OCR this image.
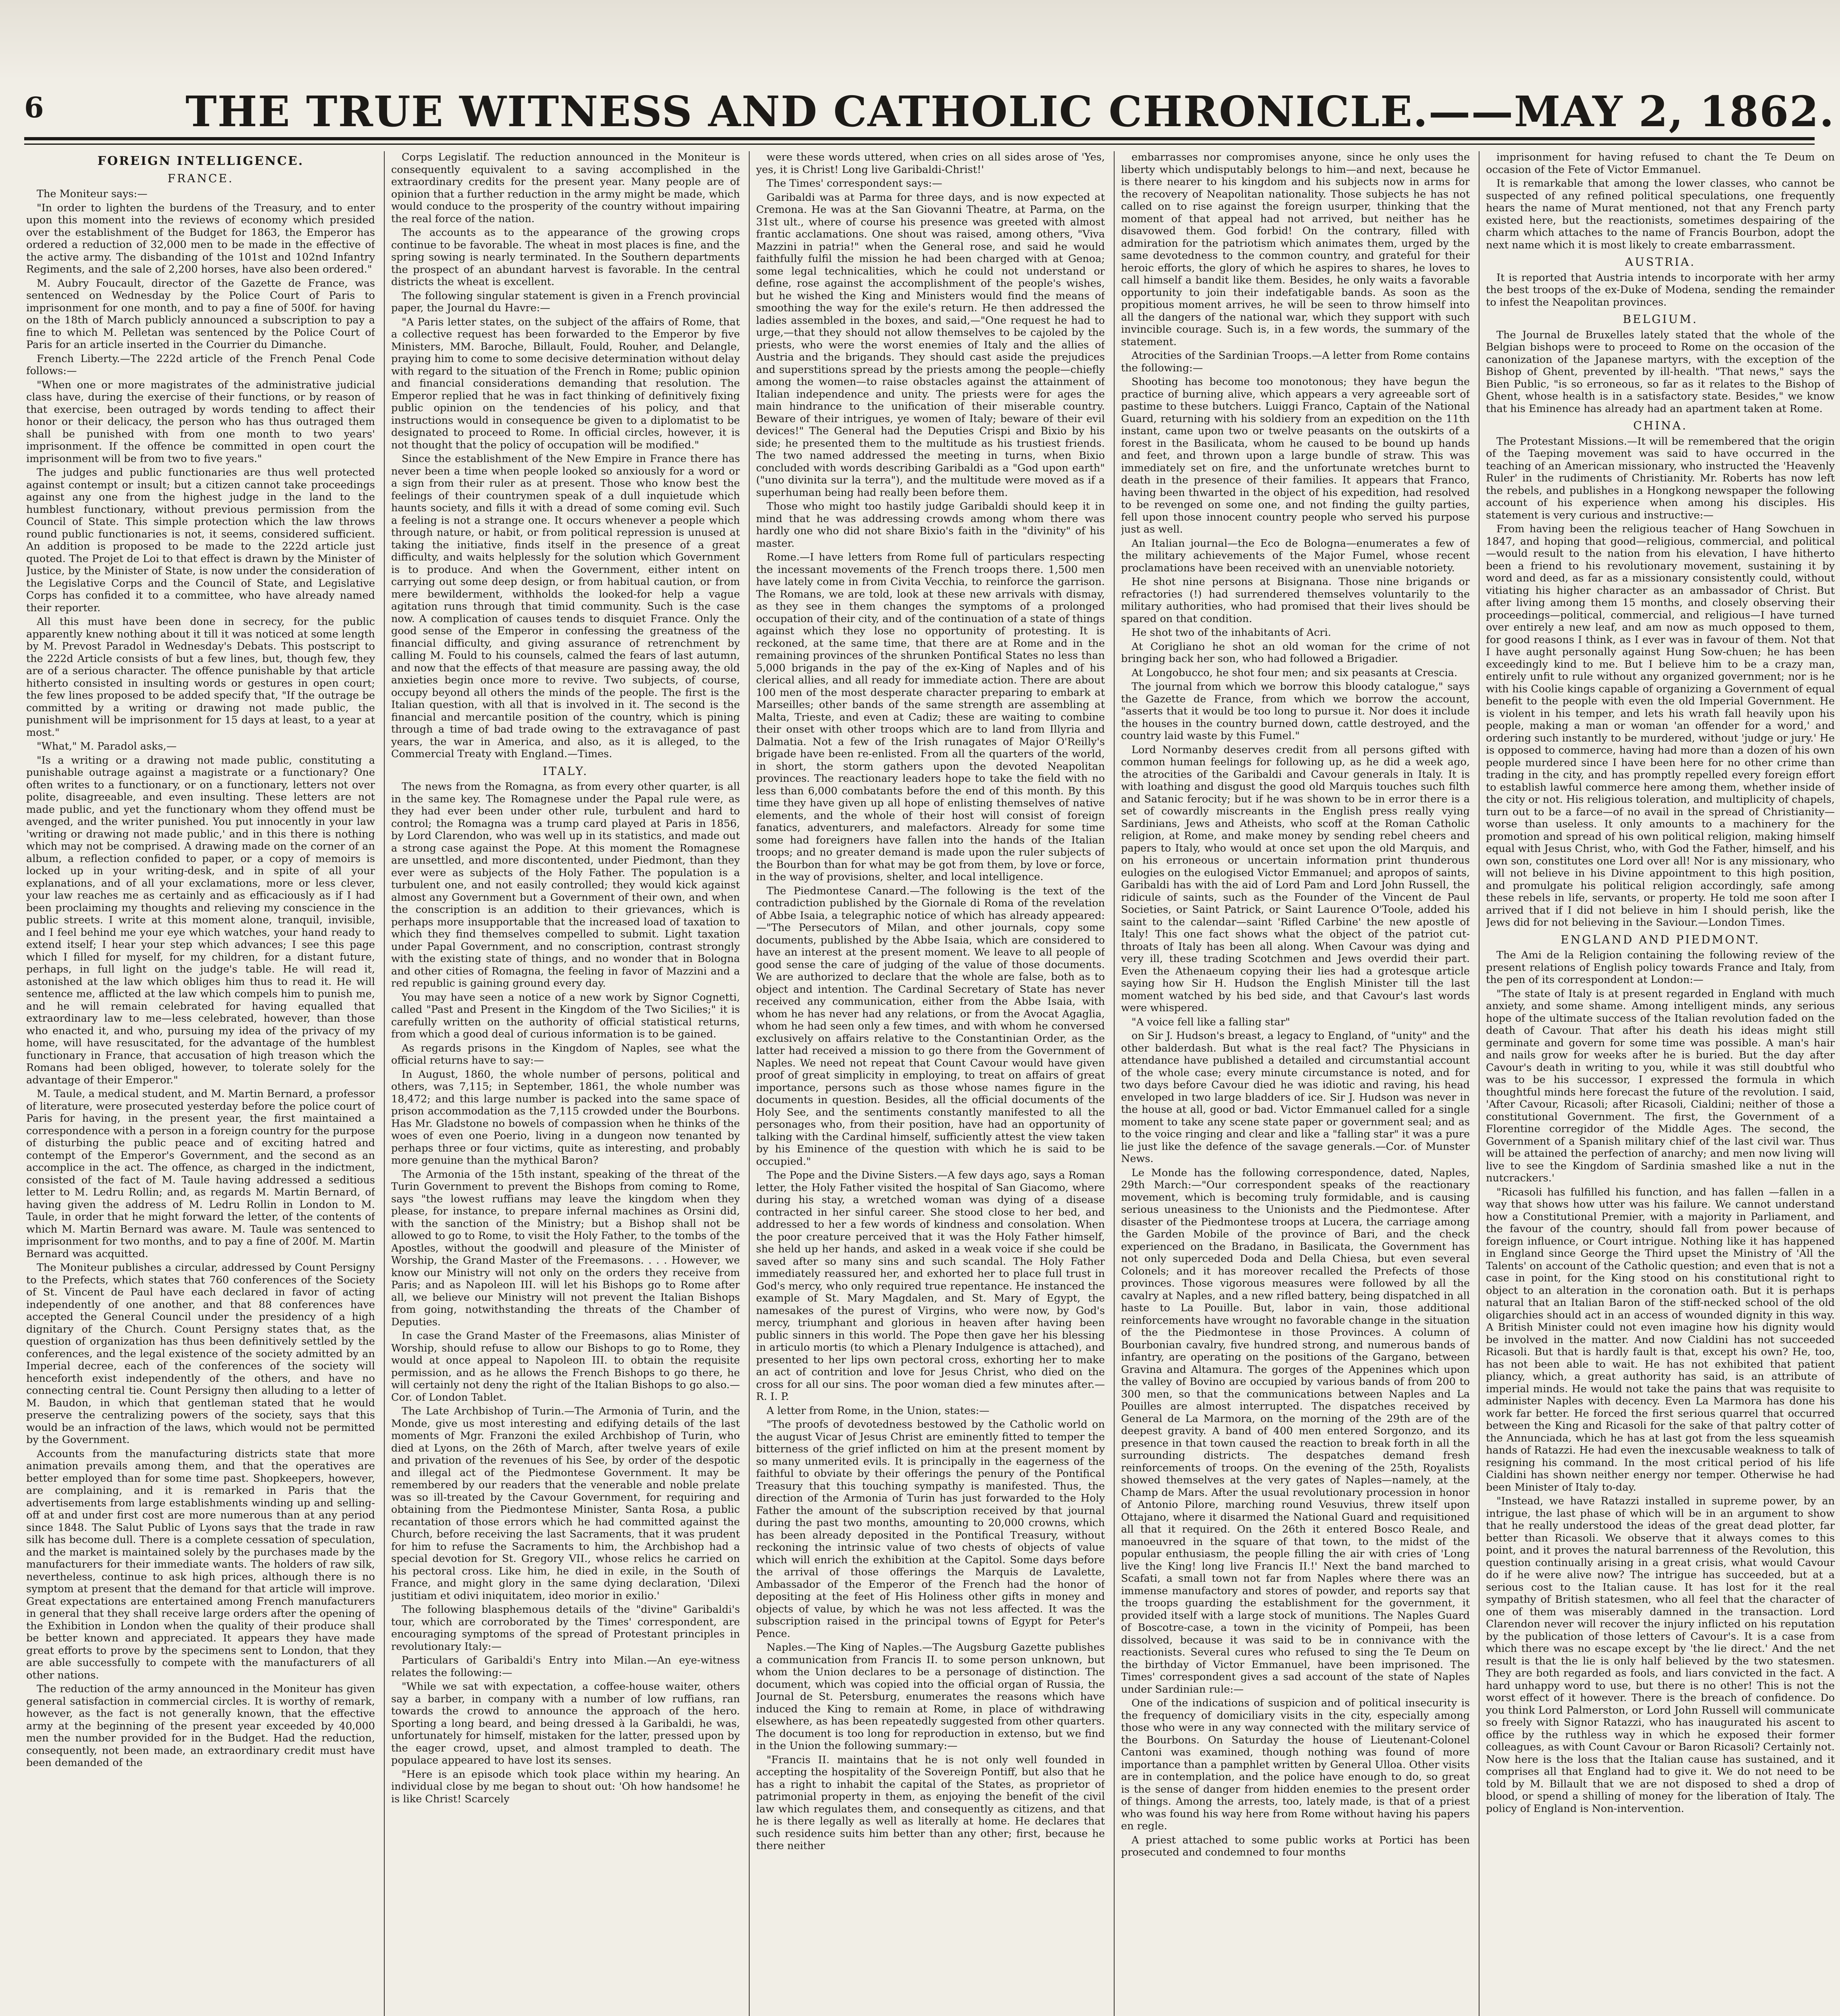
6	THE TRUE WITNESS AND CATHOLIC CHRONICLE.——MAY 2, 1862.
FOREIGN INTELLIGENCE.
FRANCE.

The Moniteur says:—

"In order to lighten the burdens of the Treasury, and to enter upon this moment into the reviews of economy which presided over the establishment of the Budget for 1863, the Emperor has ordered a reduction of 32,000 men to be made in the effective of the active army. The disbanding of the 101st and 102nd Infantry Regiments, and the sale of 2,200 horses, have also been ordered."

M. Aubry Foucault, director of the Gazette de France, was sentenced on Wednesday by the Police Court of Paris to imprisonment for one month, and to pay a fine of 500f. for having on the 18th of March publicly announced a subscription to pay a fine to which M. Pelletan was sentenced by the Police Court of Paris for an article inserted in the Courrier du Dimanche.

French Liberty.—The 222d article of the French Penal Code follows:—

"When one or more magistrates of the administrative judicial class have, during the exercise of their functions, or by reason of that exercise, been outraged by words tending to affect their honor or their delicacy, the person who has thus outraged them shall be punished with from one month to two years' imprisonment. If the offence be committed in open court the imprisonment will be from two to five years."

The judges and public functionaries are thus well protected against contempt or insult; but a citizen cannot take proceedings against any one from the highest judge in the land to the humblest functionary, without previous permission from the Council of State. This simple protection which the law throws round public functionaries is not, it seems, considered sufficient. An addition is proposed to be made to the 222d article just quoted. The Projet de Loi to that effect is drawn by the Minister of Justice, by the Minister of State, is now under the consideration of the Legislative Corps and the Council of State, and Legislative Corps has confided it to a committee, who have already named their reporter.

All this must have been done in secrecy, for the public apparently knew nothing about it till it was noticed at some length by M. Prevost Paradol in Wednesday's Debats. This postscript to the 222d Article consists of but a few lines, but, though few, they are of a serious character. The offence punishable by that article hitherto consisted in insulting words or gestures in open court; the few lines proposed to be added specify that, "If the outrage be committed by a writing or drawing not made public, the punishment will be imprisonment for 15 days at least, to a year at most."

"What," M. Paradol asks,—

"Is a writing or a drawing not made public, constituting a punishable outrage against a magistrate or a functionary? One often writes to a functionary, or on a functionary, letters not over polite, disagreeable, and even insulting. These letters are not made public, and yet the functionary whom they offend must be avenged, and the writer punished. You put innocently in your law 'writing or drawing not made public,' and in this there is nothing which may not be comprised. A drawing made on the corner of an album, a reflection confided to paper, or a copy of memoirs is locked up in your writing-desk, and in spite of all your explanations, and of all your exclamations, more or less clever, your law reaches me as certainly and as efficaciously as if I had been proclaiming my thoughts and relieving my conscience in the public streets. I write at this moment alone, tranquil, invisible, and I feel behind me your eye which watches, your hand ready to extend itself; I hear your step which advances; I see this page which I filled for myself, for my children, for a distant future, perhaps, in full light on the judge's table. He will read it, astonished at the law which obliges him thus to read it. He will sentence me, afflicted at the law which compels him to punish me, and he will remain celebrated for having equalled that extraordinary law to me—less celebrated, however, than those who enacted it, and who, pursuing my idea of the privacy of my home, will have resuscitated, for the advantage of the humblest functionary in France, that accusation of high treason which the Romans had been obliged, however, to tolerate solely for the advantage of their Emperor."

M. Taule, a medical student, and M. Martin Bernard, a professor of literature, were prosecuted yesterday before the police court of Paris for having, in the present year, the first maintained a correspondence with a person in a foreign country for the purpose of disturbing the public peace and of exciting hatred and contempt of the Emperor's Government, and the second as an accomplice in the act. The offence, as charged in the indictment, consisted of the fact of M. Taule having addressed a seditious letter to M. Ledru Rollin; and, as regards M. Martin Bernard, of having given the address of M. Ledru Rollin in London to M. Taule, in order that he might forward the letter, of the contents of which M. Martin Bernard was aware. M. Taule was sentenced to imprisonment for two months, and to pay a fine of 200f. M. Martin Bernard was acquitted.

The Moniteur publishes a circular, addressed by Count Persigny to the Prefects, which states that 760 conferences of the Society of St. Vincent de Paul have each declared in favor of acting independently of one another, and that 88 conferences have accepted the General Council under the presidency of a high dignitary of the Church. Count Persigny states that, as the question of organization has thus been definitively settled by the conferences, and the legal existence of the society admitted by an Imperial decree, each of the conferences of the society will henceforth exist independently of the others, and have no connecting central tie. Count Persigny then alluding to a letter of M. Baudon, in which that gentleman stated that he would preserve the centralizing powers of the society, says that this would be an infraction of the laws, which would not be permitted by the Government.

Accounts from the manufacturing districts state that more animation prevails among them, and that the operatives are better employed than for some time past. Shopkeepers, however, are complaining, and it is remarked in Paris that the advertisements from large establishments winding up and selling-off at and under first cost are more numerous than at any period since 1848. The Salut Public of Lyons says that the trade in raw silk has become dull. There is a complete cessation of speculation, and the market is maintained solely by the purchases made by the manufacturers for their immediate wants. The holders of raw silk, nevertheless, continue to ask high prices, although there is no symptom at present that the demand for that article will improve. Great expectations are entertained among French manufacturers in general that they shall receive large orders after the opening of the Exhibition in London when the quality of their produce shall be better known and appreciated. It appears they have made great efforts to prove by the specimens sent to London, that they are able successfully to compete with the manufacturers of all other nations.

The reduction of the army announced in the Moniteur has given general satisfaction in commercial circles. It is worthy of remark, however, as the fact is not generally known, that the effective army at the beginning of the present year exceeded by 40,000 men the number provided for in the Budget. Had the reduction, consequently, not been made, an extraordinary credit must have been demanded of the

Corps Legislatif. The reduction announced in the Moniteur is consequently equivalent to a saving accomplished in the extraordinary credits for the present year. Many people are of opinion that a further reduction in the army might be made, which would conduce to the prosperity of the country without impairing the real force of the nation.

The accounts as to the appearance of the growing crops continue to be favorable. The wheat in most places is fine, and the spring sowing is nearly terminated. In the Southern departments the prospect of an abundant harvest is favorable. In the central districts the wheat is excellent.

The following singular statement is given in a French provincial paper, the Journal du Havre:—

"A Paris letter states, on the subject of the affairs of Rome, that a collective request has been forwarded to the Emperor by five Ministers, MM. Baroche, Billault, Fould, Rouher, and Delangle, praying him to come to some decisive determination without delay with regard to the situation of the French in Rome; public opinion and financial considerations demanding that resolution. The Emperor replied that he was in fact thinking of definitively fixing public opinion on the tendencies of his policy, and that instructions would in consequence be given to a diplomatist to be designated to proceed to Rome. In official circles, however, it is not thought that the policy of occupation will be modified."

Since the establishment of the New Empire in France there has never been a time when people looked so anxiously for a word or a sign from their ruler as at present. Those who know best the feelings of their countrymen speak of a dull inquietude which haunts society, and fills it with a dread of some coming evil. Such a feeling is not a strange one. It occurs whenever a people which through nature, or habit, or from political repression is unused at taking the initiative, finds itself in the presence of a great difficulty, and waits helplessly for the solution which Government is to produce. And when the Government, either intent on carrying out some deep design, or from habitual caution, or from mere bewilderment, withholds the looked-for help a vague agitation runs through that timid community. Such is the case now. A complication of causes tends to disquiet France. Only the good sense of the Emperor in confessing the greatness of the financial difficulty, and giving assurance of retrenchment by calling M. Fould to his counsels, calmed the fears of last autumn, and now that the effects of that measure are passing away, the old anxieties begin once more to revive. Two subjects, of course, occupy beyond all others the minds of the people. The first is the Italian question, with all that is involved in it. The second is the financial and mercantile position of the country, which is pining through a time of bad trade owing to the extravagance of past years, the war in America, and also, as it is alleged, to the Commercial Treaty with England.—Times.

ITALY.

The news from the Romagna, as from every other quarter, is all in the same key. The Romagnese under the Papal rule were, as they had ever been under other rule, turbulent and hard to control; the Romagna was a trump card played at Paris in 1856, by Lord Clarendon, who was well up in its statistics, and made out a strong case against the Pope. At this moment the Romagnese are unsettled, and more discontented, under Piedmont, than they ever were as subjects of the Holy Father. The population is a turbulent one, and not easily controlled; they would kick against almost any Government but a Government of their own, and when the conscription is an addition to their grievances, which is perhaps more insupportable that the increased load of taxation to which they find themselves compelled to submit. Light taxation under Papal Government, and no conscription, contrast strongly with the existing state of things, and no wonder that in Bologna and other cities of Romagna, the feeling in favor of Mazzini and a red republic is gaining ground every day.

You may have seen a notice of a new work by Signor Cognetti, called "Past and Present in the Kingdom of the Two Sicilies;" it is carefully written on the authority of official statistical returns, from which a good deal of curious information is to be gained.

As regards prisons in the Kingdom of Naples, see what the official returns have to say:—

In August, 1860, the whole number of persons, political and others, was 7,115; in September, 1861, the whole number was 18,472; and this large number is packed into the same space of prison accommodation as the 7,115 crowded under the Bourbons. Has Mr. Gladstone no bowels of compassion when he thinks of the woes of even one Poerio, living in a dungeon now tenanted by perhaps three or four victims, quite as interesting, and probably more genuine than the mythical Baron?

The Armonia of the 15th instant, speaking of the threat of the Turin Government to prevent the Bishops from coming to Rome, says "the lowest ruffians may leave the kingdom when they please, for instance, to prepare infernal machines as Orsini did, with the sanction of the Ministry; but a Bishop shall not be allowed to go to Rome, to visit the Holy Father, to the tombs of the Apostles, without the goodwill and pleasure of the Minister of Worship, the Grand Master of the Freemasons. . . . However, we know our Ministry will not only on the orders they receive from Paris; and as Napoleon III. will let his Bishops go to Rome after all, we believe our Ministry will not prevent the Italian Bishops from going, notwithstanding the threats of the Chamber of Deputies.

In case the Grand Master of the Freemasons, alias Minister of Worship, should refuse to allow our Bishops to go to Rome, they would at once appeal to Napoleon III. to obtain the requisite permission, and as he allows the French Bishops to go there, he will certainly not deny the right of the Italian Bishops to go also.—Cor. of London Tablet.

The Late Archbishop of Turin.—The Armonia of Turin, and the Monde, give us most interesting and edifying details of the last moments of Mgr. Franzoni the exiled Archbishop of Turin, who died at Lyons, on the 26th of March, after twelve years of exile and privation of the revenues of his See, by order of the despotic and illegal act of the Piedmontese Government. It may be remembered by our readers that the venerable and noble prelate was so ill-treated by the Cavour Government, for requiring and obtaining from the Piedmontese Minister, Santa Rosa, a public recantation of those errors which he had committed against the Church, before receiving the last Sacraments, that it was prudent for him to refuse the Sacraments to him, the Archbishop had a special devotion for St. Gregory VII., whose relics he carried on his pectoral cross. Like him, he died in exile, in the South of France, and might glory in the same dying declaration, 'Dilexi justitiam et odivi iniquitatem, ideo morior in exilio.'

The following blasphemous details of the "divine" Garibaldi's tour, which are corroborated by the Times' correspondent, are encouraging symptoms of the spread of Protestant principles in revolutionary Italy:—

Particulars of Garibaldi's Entry into Milan.—An eye-witness relates the following:—

"While we sat with expectation, a coffee-house waiter, others say a barber, in company with a number of low ruffians, ran towards the crowd to announce the approach of the hero. Sporting a long beard, and being dressed à la Garibaldi, he was, unfortunately for himself, mistaken for the latter, pressed upon by the eager crowd, upset, and almost trampled to death. The populace appeared to have lost its senses.

"Here is an episode which took place within my hearing. An individual close by me began to shout out: 'Oh how handsome! he is like Christ! Scarcely

were these words uttered, when cries on all sides arose of 'Yes, yes, it is Christ! Long live Garibaldi-Christ!'

The Times' correspondent says:—

Garibaldi was at Parma for three days, and is now expected at Cremona. He was at the San Giovanni Theatre, at Parma, on the 31st ult., where of course his presence was greeted with almost frantic acclamations. One shout was raised, among others, "Viva Mazzini in patria!" when the General rose, and said he would faithfully fulfil the mission he had been charged with at Genoa; some legal technicalities, which he could not understand or define, rose against the accomplishment of the people's wishes, but he wished the King and Ministers would find the means of smoothing the way for the exile's return. He then addressed the ladies assembled in the boxes, and said,—"One request he had to urge,—that they should not allow themselves to be cajoled by the priests, who were the worst enemies of Italy and the allies of Austria and the brigands. They should cast aside the prejudices and superstitions spread by the priests among the people—chiefly among the women—to raise obstacles against the attainment of Italian independence and unity. The priests were for ages the main hindrance to the unification of their miserable country. Beware of their intrigues, ye women of Italy; beware of their evil devices!" The General had the Deputies Crispi and Bixio by his side; he presented them to the multitude as his trustiest friends. The two named addressed the meeting in turns, when Bixio concluded with words describing Garibaldi as a "God upon earth" ("uno divinita sur la terra"), and the multitude were moved as if a superhuman being had really been before them.

Those who might too hastily judge Garibaldi should keep it in mind that he was addressing crowds among whom there was hardly one who did not share Bixio's faith in the "divinity" of his master.

Rome.—I have letters from Rome full of particulars respecting the incessant movements of the French troops there. 1,500 men have lately come in from Civita Vecchia, to reinforce the garrison. The Romans, we are told, look at these new arrivals with dismay, as they see in them changes the symptoms of a prolonged occupation of their city, and of the continuation of a state of things against which they lose no opportunity of protesting. It is reckoned, at the same time, that there are at Rome and in the remaining provinces of the shrunken Pontifical States no less than 5,000 brigands in the pay of the ex-King of Naples and of his clerical allies, and all ready for immediate action. There are about 100 men of the most desperate character preparing to embark at Marseilles; other bands of the same strength are assembling at Malta, Trieste, and even at Cadiz; these are waiting to combine their onset with other troops which are to land from Illyria and Dalmatia. Not a few of the Irish runagates of Major O'Reilly's brigade have been re-enlisted. From all the quarters of the world, in short, the storm gathers upon the devoted Neapolitan provinces. The reactionary leaders hope to take the field with no less than 6,000 combatants before the end of this month. By this time they have given up all hope of enlisting themselves of native elements, and the whole of their host will consist of foreign fanatics, adventurers, and malefactors. Already for some time some had foreigners have fallen into the hands of the Italian troops; and no greater demand is made upon the ruler subjects of the Bourbon than for what may be got from them, by love or force, in the way of provisions, shelter, and local intelligence.

The Piedmontese Canard.—The following is the text of the contradiction published by the Giornale di Roma of the revelation of Abbe Isaia, a telegraphic notice of which has already appeared:—"The Persecutors of Milan, and other journals, copy some documents, published by the Abbe Isaia, which are considered to have an interest at the present moment. We leave to all people of good sense the care of judging of the value of those documents. We are authorized to declare that the whole are false, both as to object and intention. The Cardinal Secretary of State has never received any communication, either from the Abbe Isaia, with whom he has never had any relations, or from the Avocat Agaglia, whom he had seen only a few times, and with whom he conversed exclusively on affairs relative to the Constantinian Order, as the latter had received a mission to go there from the Government of Naples. We need not repeat that Count Cavour would have given proof of great simplicity in employing, to treat on affairs of great importance, persons such as those whose names figure in the documents in question. Besides, all the official documents of the Holy See, and the sentiments constantly manifested to all the personages who, from their position, have had an opportunity of talking with the Cardinal himself, sufficiently attest the view taken by his Eminence of the question with which he is said to be occupied."

The Pope and the Divine Sisters.—A few days ago, says a Roman letter, the Holy Father visited the hospital of San Giacomo, where during his stay, a wretched woman was dying of a disease contracted in her sinful career. She stood close to her bed, and addressed to her a few words of kindness and consolation. When the poor creature perceived that it was the Holy Father himself, she held up her hands, and asked in a weak voice if she could be saved after so many sins and such scandal. The Holy Father immediately reassured her, and exhorted her to place full trust in God's mercy, who only required true repentance. He instanced the example of St. Mary Magdalen, and St. Mary of Egypt, the namesakes of the purest of Virgins, who were now, by God's mercy, triumphant and glorious in heaven after having been public sinners in this world. The Pope then gave her his blessing in articulo mortis (to which a Plenary Indulgence is attached), and presented to her lips own pectoral cross, exhorting her to make an act of contrition and love for Jesus Christ, who died on the cross for all our sins. The poor woman died a few minutes after.—R. I. P.

A letter from Rome, in the Union, states:—

"The proofs of devotedness bestowed by the Catholic world on the august Vicar of Jesus Christ are eminently fitted to temper the bitterness of the grief inflicted on him at the present moment by so many unmerited evils. It is principally in the eagerness of the faithful to obviate by their offerings the penury of the Pontifical Treasury that this touching sympathy is manifested. Thus, the direction of the Armonia of Turin has just forwarded to the Holy Father the amount of the subscription received by that journal during the past two months, amounting to 20,000 crowns, which has been already deposited in the Pontifical Treasury, without reckoning the intrinsic value of two chests of objects of value which will enrich the exhibition at the Capitol. Some days before the arrival of those offerings the Marquis de Lavalette, Ambassador of the Emperor of the French had the honor of depositing at the feet of His Holiness other gifts in money and objects of value, by which he was not less affected. It was the subscription raised in the principal towns of Egypt for Peter's Pence.

Naples.—The King of Naples.—The Augsburg Gazette publishes a communication from Francis II. to some person unknown, but whom the Union declares to be a personage of distinction. The document, which was copied into the official organ of Russia, the Journal de St. Petersburg, enumerates the reasons which have induced the King to remain at Rome, in place of withdrawing elsewhere, as has been repeatedly suggested from other quarters. The document is too long for reproduction in extenso, but we find in the Union the following summary:—

"Francis II. maintains that he is not only well founded in accepting the hospitality of the Sovereign Pontiff, but also that he has a right to inhabit the capital of the States, as proprietor of patrimonial property in them, as enjoying the benefit of the civil law which regulates them, and consequently as citizens, and that he is there legally as well as literally at home. He declares that such residence suits him better than any other; first, because he there neither

embarrasses nor compromises anyone, since he only uses the liberty which undisputably belongs to him—and next, because he is there nearer to his kingdom and his subjects now in arms for the recovery of Neapolitan nationality. Those subjects he has not called on to rise against the foreign usurper, thinking that the moment of that appeal had not arrived, but neither has he disavowed them. God forbid! On the contrary, filled with admiration for the patriotism which animates them, urged by the same devotedness to the common country, and grateful for their heroic efforts, the glory of which he aspires to shares, he loves to call himself a bandit like them. Besides, he only waits a favorable opportunity to join their indefatigable bands. As soon as the propitious moment arrives, he will be seen to throw himself into all the dangers of the national war, which they support with such invincible courage. Such is, in a few words, the summary of the statement.

Atrocities of the Sardinian Troops.—A letter from Rome contains the following:—

Shooting has become too monotonous; they have begun the practice of burning alive, which appears a very agreeable sort of pastime to these butchers. Luiggi Franco, Captain of the National Guard, returning with his soldiery from an expedition on the 11th instant, came upon two or twelve peasants on the outskirts of a forest in the Basilicata, whom he caused to be bound up hands and feet, and thrown upon a large bundle of straw. This was immediately set on fire, and the unfortunate wretches burnt to death in the presence of their families. It appears that Franco, having been thwarted in the object of his expedition, had resolved to be revenged on some one, and not finding the guilty parties, fell upon those innocent country people who served his purpose just as well.

An Italian journal—the Eco de Bologna—enumerates a few of the military achievements of the Major Fumel, whose recent proclamations have been received with an unenviable notoriety.

He shot nine persons at Bisignana. Those nine brigands or refractories (!) had surrendered themselves voluntarily to the military authorities, who had promised that their lives should be spared on that condition.

He shot two of the inhabitants of Acri.

At Corigliano he shot an old woman for the crime of not bringing back her son, who had followed a Brigadier.

At Longobucco, he shot four men; and six peasants at Crescia.

The journal from which we borrow this bloody catalogue," says the Gazette de France, from which we borrow the account, "asserts that it would be too long to pursue it. Nor does it include the houses in the country burned down, cattle destroyed, and the country laid waste by this Fumel."

Lord Normanby deserves credit from all persons gifted with common human feelings for following up, as he did a week ago, the atrocities of the Garibaldi and Cavour generals in Italy. It is with loathing and disgust the good old Marquis touches such filth and Satanic ferocity; but if he was shown to be in error there is a set of cowardly miscreants in the English press really vying Sardinians, Jews and Atheists, who scoff at the Roman Catholic religion, at Rome, and make money by sending rebel cheers and papers to Italy, who would at once set upon the old Marquis, and on his erroneous or uncertain information print thunderous eulogies on the eulogised Victor Emmanuel; and apropos of saints, Garibaldi has with the aid of Lord Pam and Lord John Russell, the ridicule of saints, such as the Founder of the Vincent de Paul Societies, or Saint Patrick, or Saint Laurence O'Toole, added his saint to the calendar—saint 'Rifled Carbine' the new apostle of Italy! This one fact shows what the object of the patriot cut-throats of Italy has been all along. When Cavour was dying and very ill, these trading Scotchmen and Jews overdid their part. Even the Athenaeum copying their lies had a grotesque article saying how Sir H. Hudson the English Minister till the last moment watched by his bed side, and that Cavour's last words were whispered.

"A voice fell like a falling star"

on Sir J. Hudson's breast, a legacy to England, of "unity" and the other balderdash. But what is the real fact? The Physicians in attendance have published a detailed and circumstantial account of the whole case; every minute circumstance is noted, and for two days before Cavour died he was idiotic and raving, his head enveloped in two large bladders of ice. Sir J. Hudson was never in the house at all, good or bad. Victor Emmanuel called for a single moment to take any scene state paper or government seal; and as to the voice ringing and clear and like a "falling star" it was a pure lie just like the defence of the savage generals.—Cor. of Munster News.

Le Monde has the following correspondence, dated, Naples, 29th March:—"Our correspondent speaks of the reactionary movement, which is becoming truly formidable, and is causing serious uneasiness to the Unionists and the Piedmontese. After disaster of the Piedmontese troops at Lucera, the carriage among the Garden Mobile of the province of Bari, and the check experienced on the Bradano, in Basilicata, the Government has not only superceded Doda and Della Chiesa, but even several Colonels; and it has moreover recalled the Prefects of those provinces. Those vigorous measures were followed by all the cavalry at Naples, and a new rifled battery, being dispatched in all haste to La Pouille. But, labor in vain, those additional reinforcements have wrought no favorable change in the situation of the the Piedmontese in those Provinces. A column of Bourbonian cavalry, five hundred strong, and numerous bands of infantry, are operating on the positions of the Gargano, between Gravina and Altamura. The gorges of the Appenines which upon the valley of Bovino are occupied by various bands of from 200 to 300 men, so that the communications between Naples and La Pouilles are almost interrupted. The dispatches received by General de La Marmora, on the morning of the 29th are of the deepest gravity. A band of 400 men entered Sorgonzo, and its presence in that town caused the reaction to break forth in all the surrounding districts. The despatches demand fresh reinforcements of troops. On the evening of the 25th, Royalists showed themselves at the very gates of Naples—namely, at the Champ de Mars. After the usual revolutionary procession in honor of Antonio Pilore, marching round Vesuvius, threw itself upon Ottajano, where it disarmed the National Guard and requisitioned all that it required. On the 26th it entered Bosco Reale, and manoeuvred in the square of that town, to the midst of the popular enthusiasm, the people filling the air with cries of 'Long live the King! long live Francis II.!' Next the band marched to Scafati, a small town not far from Naples where there was an immense manufactory and stores of powder, and reports say that the troops guarding the establishment for the government, it provided itself with a large stock of munitions. The Naples Guard of Boscotre-case, a town in the vicinity of Pompeii, has been dissolved, because it was said to be in connivance with the reactionists. Several cures who refused to sing the Te Deum on the birthday of Victor Emmanuel, have been imprisoned. The Times' correspondent gives a sad account of the state of Naples under Sardinian rule:—

One of the indications of suspicion and of political insecurity is the frequency of domiciliary visits in the city, especially among those who were in any way connected with the military service of the Bourbons. On Saturday the house of Lieutenant-Colonel Cantoni was examined, though nothing was found of more importance than a pamphlet written by General Ulloa. Other visits are in contemplation, and the police have enough to do, so great is the sense of danger from hidden enemies to the present order of things. Among the arrests, too, lately made, is that of a priest who was found his way here from Rome without having his papers en regle.

A priest attached to some public works at Portici has been prosecuted and condemned to four months

imprisonment for having refused to chant the Te Deum on occasion of the Fete of Victor Emmanuel.

It is remarkable that among the lower classes, who cannot be suspected of any refined political speculations, one frequently hears the name of Murat mentioned, not that any French party existed here, but the reactionists, sometimes despairing of the charm which attaches to the name of Francis Bourbon, adopt the next name which it is most likely to create embarrassment.

AUSTRIA.

It is reported that Austria intends to incorporate with her army the best troops of the ex-Duke of Modena, sending the remainder to infest the Neapolitan provinces.

BELGIUM.

The Journal de Bruxelles lately stated that the whole of the Belgian bishops were to proceed to Rome on the occasion of the canonization of the Japanese martyrs, with the exception of the Bishop of Ghent, prevented by ill-health. "That news," says the Bien Public, "is so erroneous, so far as it relates to the Bishop of Ghent, whose health is in a satisfactory state. Besides," we know that his Eminence has already had an apartment taken at Rome.

CHINA.

The Protestant Missions.—It will be remembered that the origin of the Taeping movement was said to have occurred in the teaching of an American missionary, who instructed the 'Heavenly Ruler' in the rudiments of Christianity. Mr. Roberts has now left the rebels, and publishes in a Hongkong newspaper the following account of his experience when among his disciples. His statement is very curious and instructive:—

From having been the religious teacher of Hang Sowchuen in 1847, and hoping that good—religious, commercial, and political—would result to the nation from his elevation, I have hitherto been a friend to his revolutionary movement, sustaining it by word and deed, as far as a missionary consistently could, without vitiating his higher character as an ambassador of Christ. But after living among them 15 months, and closely observing their proceedings—political, commercial, and religious—I have turned over entirely a new leaf, and am now as much opposed to them, for good reasons I think, as I ever was in favour of them. Not that I have aught personally against Hung Sow-chuen; he has been exceedingly kind to me. But I believe him to be a crazy man, entirely unfit to rule without any organized government; nor is he with his Coolie kings capable of organizing a Government of equal benefit to the people with even the old Imperial Government. He is violent in his temper, and lets his wrath fall heavily upon his people, making a man or woman 'an offender for a word,' and ordering such instantly to be murdered, without 'judge or jury.' He is opposed to commerce, having had more than a dozen of his own people murdered since I have been here for no other crime than trading in the city, and has promptly repelled every foreign effort to establish lawful commerce here among them, whether inside of the city or not. His religious toleration, and multiplicity of chapels, turn out to be a farce—of no avail in the spread of Christianity—worse than useless. It only amounts to a machinery for the promotion and spread of his own political religion, making himself equal with Jesus Christ, who, with God the Father, himself, and his own son, constitutes one Lord over all! Nor is any missionary, who will not believe in his Divine appointment to this high position, and promulgate his political religion accordingly, safe among these rebels in life, servants, or property. He told me soon after I arrived that if I did not believe in him I should perish, like the Jews did for not believing in the Saviour.—London Times.

ENGLAND AND PIEDMONT.

The Ami de la Religion containing the following review of the present relations of English policy towards France and Italy, from the pen of its correspondent at London:—

"The state of Italy is at present regarded in England with much anxiety, and some shame. Among intelligent minds, any serious hope of the ultimate success of the Italian revolution faded on the death of Cavour. That after his death his ideas might still germinate and govern for some time was possible. A man's hair and nails grow for weeks after he is buried. But the day after Cavour's death in writing to you, while it was still doubtful who was to be his successor, I expressed the formula in which thoughtful minds here forecast the future of the revolution. I said, 'After Cavour, Ricasoli; after Ricasoli, Cialdini; neither of those a constitutional Government. The first, the Government of a Florentine corregidor of the Middle Ages. The second, the Government of a Spanish military chief of the last civil war. Thus will be attained the perfection of anarchy; and men now living will live to see the Kingdom of Sardinia smashed like a nut in the nutcrackers.'

"Ricasoli has fulfilled his function, and has fallen —fallen in a way that shows how utter was his failure. We cannot understand how a Constitutional Premier, with a majority in Parliament, and the favour of the country, should fall from power because of foreign influence, or Court intrigue. Nothing like it has happened in England since George the Third upset the Ministry of 'All the Talents' on account of the Catholic question; and even that is not a case in point, for the King stood on his constitutional right to object to an alteration in the coronation oath. But it is perhaps natural that an Italian Baron of the stiff-necked school of the old oligarchies should act in an access of wounded dignity in this way. A British Minister could not even imagine how his dignity would be involved in the matter. And now Cialdini has not succeeded Ricasoli. But that is hardly fault is that, except his own? He, too, has not been able to wait. He has not exhibited that patient pliancy, which, a great authority has said, is an attribute of imperial minds. He would not take the pains that was requisite to administer Naples with decency. Even La Marmora has done his work far better. He forced the first serious quarrel that occurred between the King and Ricasoli for the sake of that paltry cotter of the Annunciada, which he has at last got from the less squeamish hands of Ratazzi. He had even the inexcusable weakness to talk of resigning his command. In the most critical period of his life Cialdini has shown neither energy nor temper. Otherwise he had been Minister of Italy to-day.

"Instead, we have Ratazzi installed in supreme power, by an intrigue, the last phase of which will be in an argument to show that he really understood the ideas of the great dead plotter, far better than Ricasoli. We observe that it always comes to this point, and it proves the natural barrenness of the Revolution, this question continually arising in a great crisis, what would Cavour do if he were alive now? The intrigue has succeeded, but at a serious cost to the Italian cause. It has lost for it the real sympathy of British statesmen, who all feel that the character of one of them was miserably damned in the transaction. Lord Clarendon never will recover the injury inflicted on his reputation by the publication of those letters of Cavour's. It is a case from which there was no escape except by 'the lie direct.' And the net result is that the lie is only half believed by the two statesmen. They are both regarded as fools, and liars convicted in the fact. A hard unhappy word to use, but there is no other! This is not the worst effect of it however. There is the breach of confidence. Do you think Lord Palmerston, or Lord John Russell will communicate so freely with Signor Ratazzi, who has inaugurated his ascent to office by the ruthless way in which he exposed their former colleagues, as with Count Cavour or Baron Ricasoli? Certainly not. Now here is the loss that the Italian cause has sustained, and it comprises all that England had to give it. We do not need to be told by M. Billault that we are not disposed to shed a drop of blood, or spend a shilling of money for the liberation of Italy. The policy of England is Non-intervention.
